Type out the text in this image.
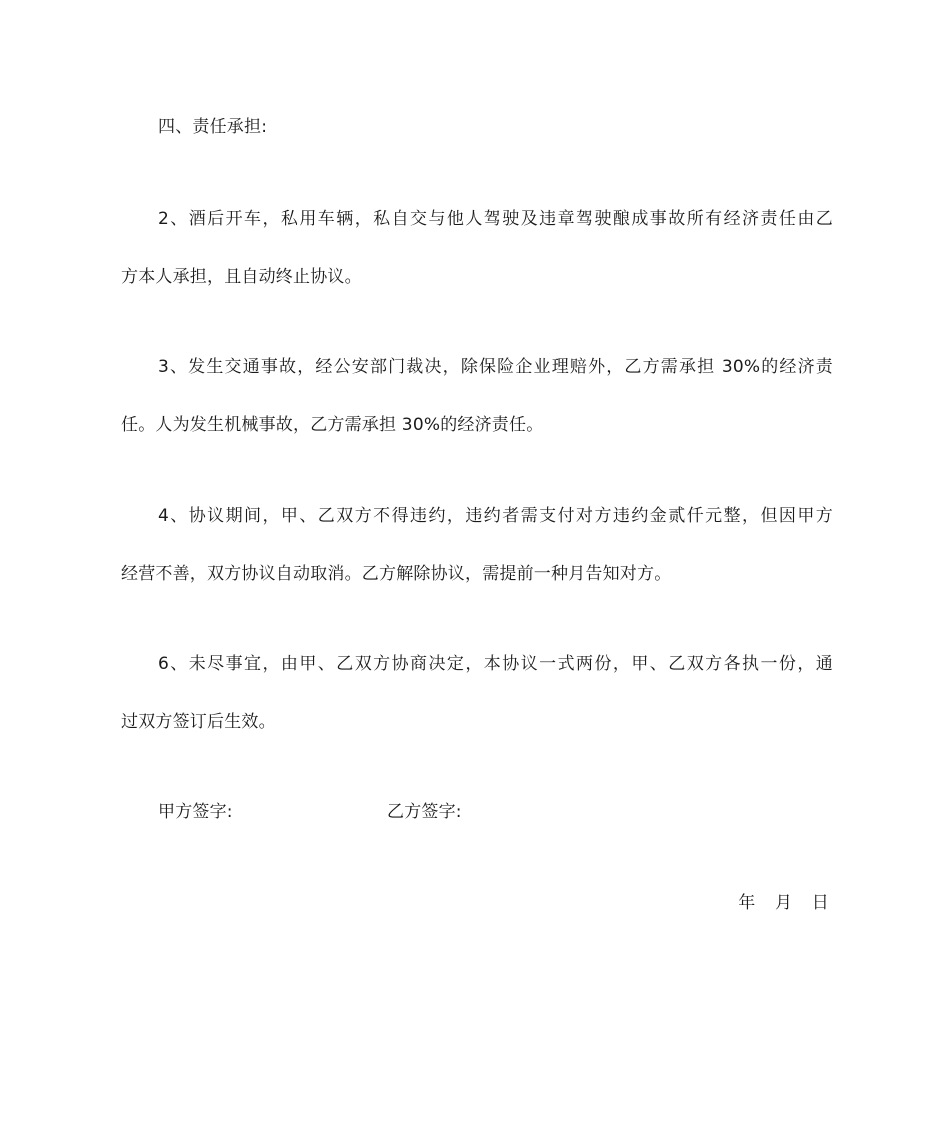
四、责任承担:
2、酒后开车，私用车辆，私自交与他人驾驶及违章驾驶酿成事故所有经济责任由乙
方本人承担，且自动终止协议。
3、发生交通事故，经公安部门裁决，除保险企业理赔外，乙方需承担 30%的经济责
任。人为发生机械事故，乙方需承担 30%的经济责任。
4、协议期间，甲、乙双方不得违约，违约者需支付对方违约金贰仟元整，但因甲方
经营不善，双方协议自动取消。乙方解除协议，需提前一种月告知对方。
6、未尽事宜，由甲、乙双方协商决定，本协议一式两份，甲、乙双方各执一份，通
过双方签订后生效。
甲方签字:	乙方签字:
年 月 日
